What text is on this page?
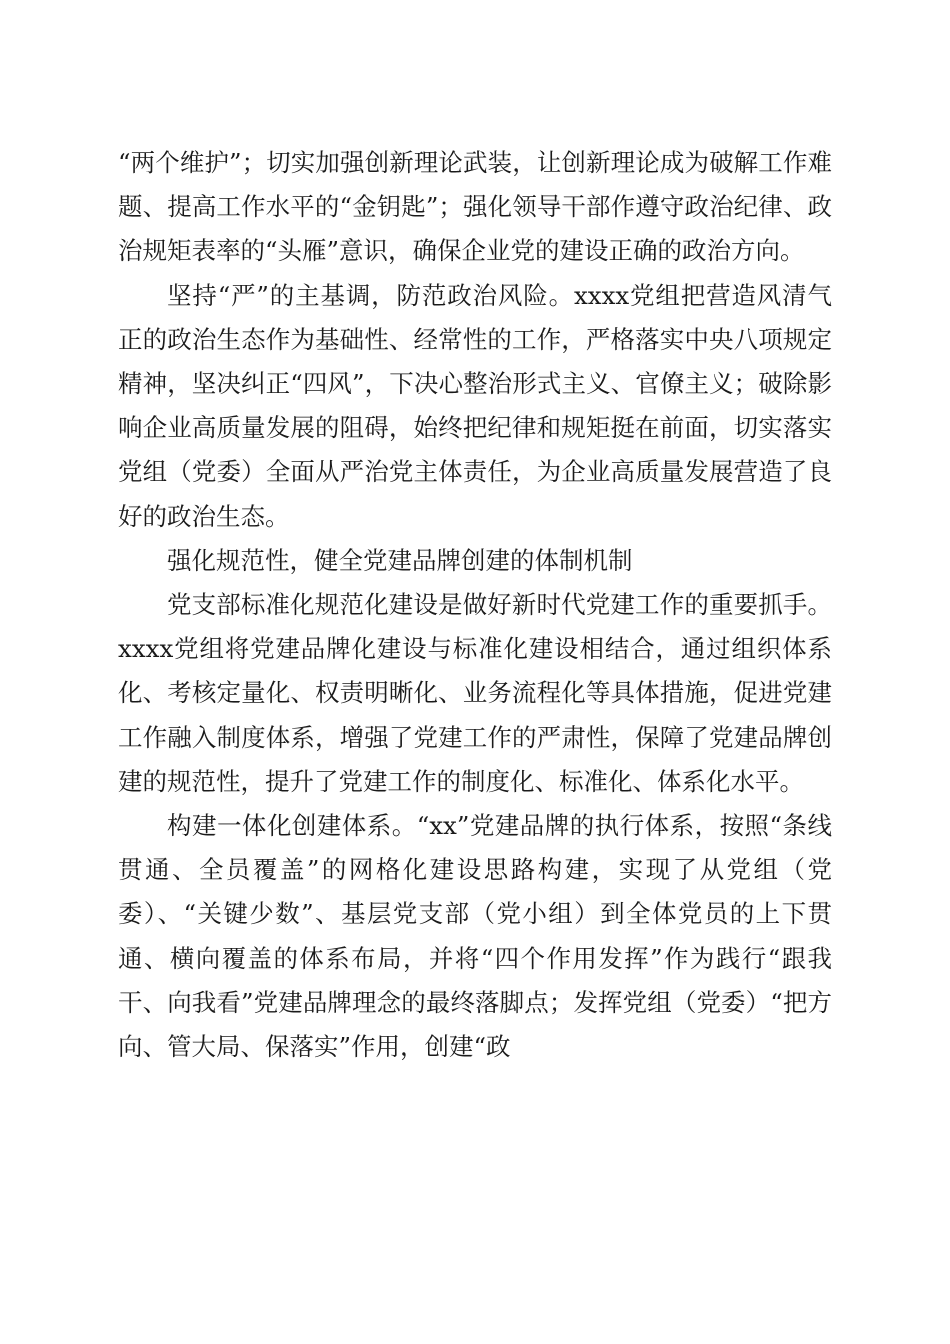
“两个维护”；切实加强创新理论武装，让创新理论成为破解工作难题、提高工作水平的“金钥匙”；强化领导干部作遵守政治纪律、政治规矩表率的“头雁”意识，确保企业党的建设正确的政治方向。

坚持“严”的主基调，防范政治风险。xxxx党组把营造风清气正的政治生态作为基础性、经常性的工作，严格落实中央八项规定精神，坚决纠正“四风”，下决心整治形式主义、官僚主义；破除影响企业高质量发展的阻碍，始终把纪律和规矩挺在前面，切实落实党组（党委）全面从严治党主体责任，为企业高质量发展营造了良好的政治生态。

强化规范性，健全党建品牌创建的体制机制

党支部标准化规范化建设是做好新时代党建工作的重要抓手。xxxx党组将党建品牌化建设与标准化建设相结合，通过组织体系化、考核定量化、权责明晰化、业务流程化等具体措施，促进党建工作融入制度体系，增强了党建工作的严肃性，保障了党建品牌创建的规范性，提升了党建工作的制度化、标准化、体系化水平。

构建一体化创建体系。“xx”党建品牌的执行体系，按照“条线贯通、全员覆盖”的网格化建设思路构建，实现了从党组（党委）、“关键少数”、基层党支部（党小组）到全体党员的上下贯通、横向覆盖的体系布局，并将“四个作用发挥”作为践行“跟我干、向我看”党建品牌理念的最终落脚点；发挥党组（党委）“把方向、管大局、保落实”作用，创建“政
